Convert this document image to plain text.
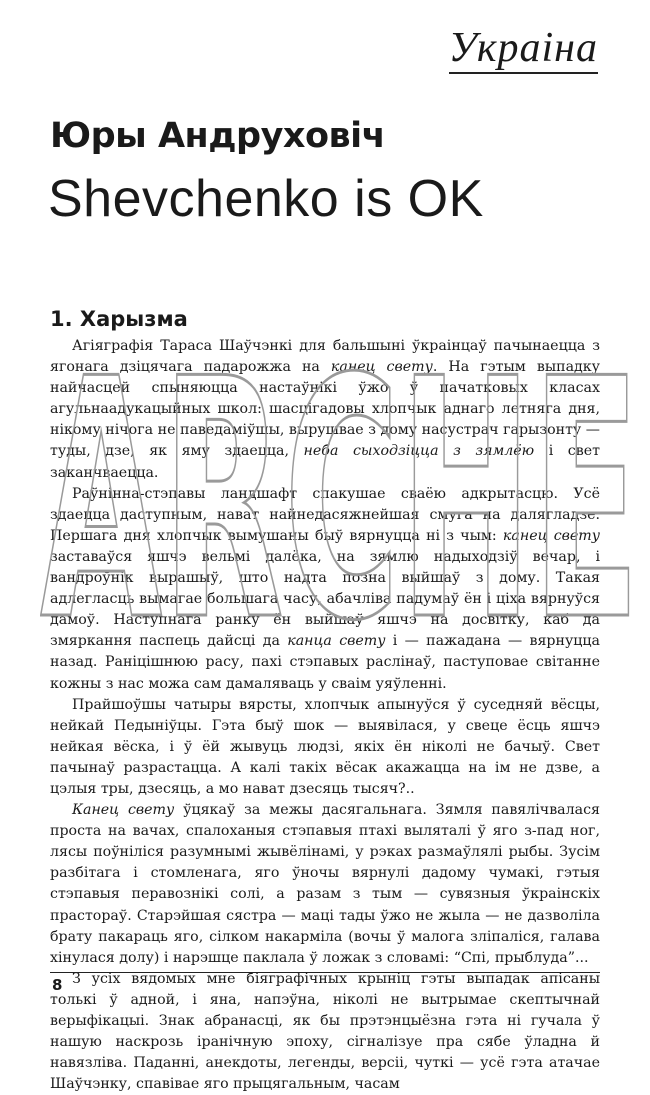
Украіна
Юры Андруховіч
Shevchenko is OK
1. Харызма

Агіяграфія Тараса Шаўчэнкі для бальшыні ўкраінцаў пачынаецца з ягонага дзіцячага падарожжа на канец свету. На гэтым выпадку найчасцей спыняюцца настаўнікі ўжо ў пачатковых класах агульнаадукацыйных школ: шасцігадовы хлопчык аднаго летняга дня, нікому нічога не паведаміўшы, вырушвае з дому насустрач гарызонту — туды, дзе, як яму здаецца, неба сыходзіцца з зямлёю і свет заканчваецца.

Раўнінна-стэпавы ландшафт спакушае сваёю адкрытасцю. Усё здаецца даступным, нават найнедасяжнейшая смуга на далягладзе. Першага дня хлопчык вымушаны быў вярнуцца ні з чым: канец свету заставаўся яшчэ вельмі далёка, на зямлю надыходзіў вечар, і вандроўнік вырашыў, што надта позна выйшаў з дому. Такая адлегласць вымагае большага часу, абачліва падумаў ён і ціха вярнуўся дамоў. Наступнага ранку ён выйшаў яшчэ на досвітку, каб да змяркання паспець дайсці да канца свету і — пажадана — вярнуцца назад. Раніцішнюю расу, пахі стэпавых раслінаў, паступовае світанне кожны з нас можа сам дамаляваць у сваім уяўленні.

Прайшоўшы чатыры вярсты, хлопчык апынуўся ў суседняй вёсцы, нейкай Педынiўцы. Гэта быў шок — выявілася, у свеце ёсць яшчэ нейкая вёска, і ў ёй жывуць людзі, якіх ён ніколі не бачыў. Свет пачынаў разрастацца. А калі такіх вёсак акажацца на ім не дзве, а цэлыя тры, дзесяць, а мо нават дзесяць тысяч?..

Канец свету ўцякаў за межы дасягальнага. Зямля павялічвалася проста на вачах, спалоханыя стэпавыя птахі выляталі ў яго з-пад ног, лясы поўніліся разумнымі жывёлінамі, у рэках размаўлялі рыбы. Зусім разбітага і стомленага, яго ўночы вярнулі дадому чумакі, гэтыя стэпавыя перавознікі солі, а разам з тым — сувязныя ўкраінскіх прастораў. Старэйшая сястра — маці тады ўжо не жыла — не дазволіла брату пакараць яго, сілком накарміла (вочы ў малога зліпаліся, галава хінулася долу) і нарэшце паклала ў ложак з словамі: “Спі, прыблуда”...

З усіх вядомых мне біяграфічных крыніц гэты выпадак апісаны толькі ў адной, і яна, напэўна, ніколі не вытрымае скептычнай верыфікацыі. Знак абранасці, як бы прэтэнцыёзна гэта ні гучала ў нашую наскрозь іранічную эпоху, сігналізуе пра сябе ўладна й навязліва. Паданні, анекдоты, легенды, версіі, чуткі — усё гэта атачае Шаўчэнку, спавівае яго прыцягальным, часам

ARCHE
8
